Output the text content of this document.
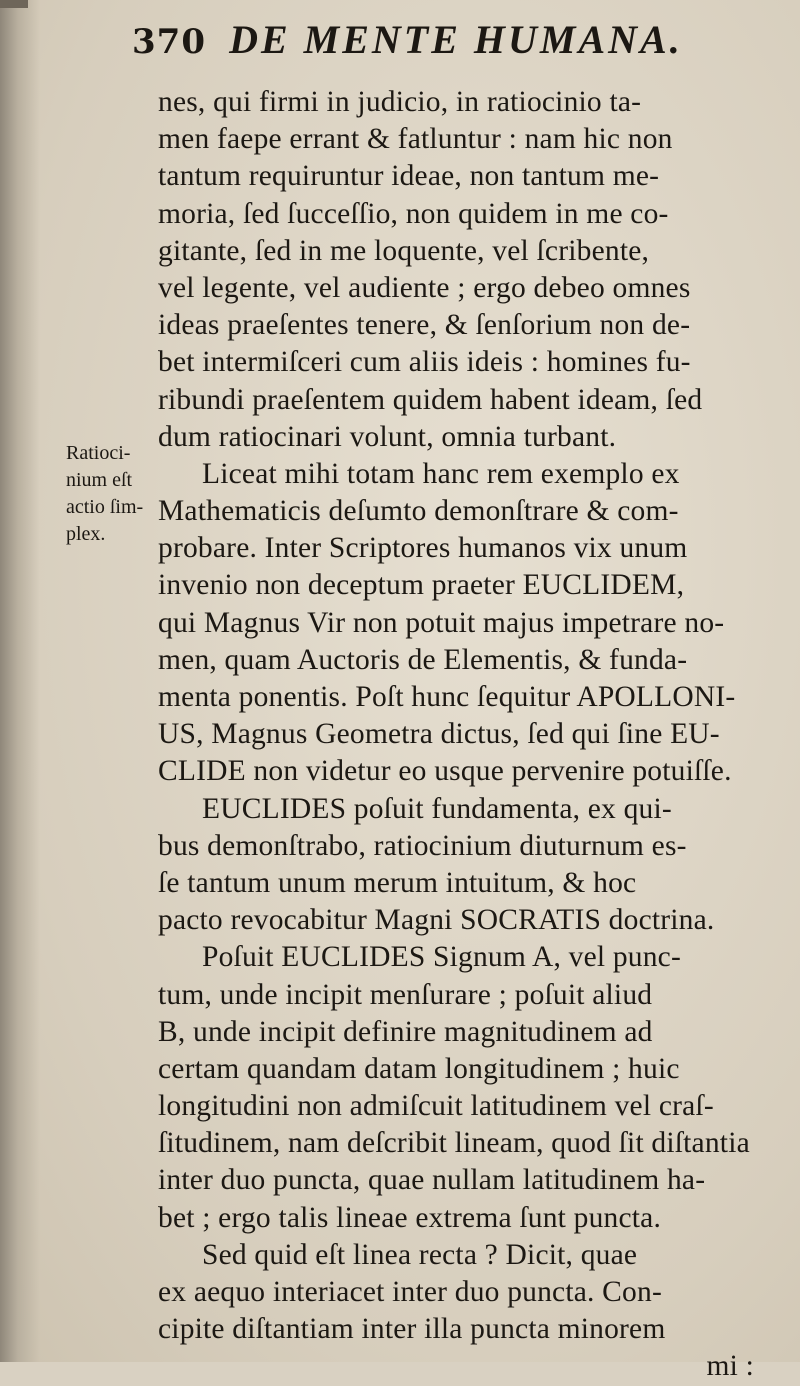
370 DE MENTE HUMANA.
Ratioci-
nium eſt
actio ſim-
plex.
nes, qui firmi in judicio, in ratiocinio ta-
men faepe errant & fatluntur : nam hic non
tantum requiruntur ideae, non tantum me-
moria, ſed ſucceſſio, non quidem in me co-
gitante, ſed in me loquente, vel ſcribente,
vel legente, vel audiente ; ergo debeo omnes
ideas praeſentes tenere, & ſenſorium non de-
bet intermiſceri cum aliis ideis : homines fu-
ribundi praeſentem quidem habent ideam, ſed
dum ratiocinari volunt, omnia turbant.
Liceat mihi totam hanc rem exemplo ex
Mathematicis deſumto demonſtrare & com-
probare. Inter Scriptores humanos vix unum
invenio non deceptum praeter EUCLIDEM,
qui Magnus Vir non potuit majus impetrare no-
men, quam Auctoris de Elementis, & funda-
menta ponentis. Poſt hunc ſequitur APOLLONI-
US, Magnus Geometra dictus, ſed qui ſine EU-
CLIDE non videtur eo usque pervenire potuiſſe.
EUCLIDES poſuit fundamenta, ex qui-
bus demonſtrabo, ratiocinium diuturnum es-
ſe tantum unum merum intuitum, & hoc
pacto revocabitur Magni SOCRATIS doctrina.
Poſuit EUCLIDES Signum A, vel punc-
tum, unde incipit menſurare ; poſuit aliud
B, unde incipit definire magnitudinem ad
certam quandam datam longitudinem ; huic
longitudini non admiſcuit latitudinem vel craſ-
ſitudinem, nam deſcribit lineam, quod ſit diſtantia
inter duo puncta, quae nullam latitudinem ha-
bet ; ergo talis lineae extrema ſunt puncta.
Sed quid eſt linea recta ? Dicit, quae
ex aequo interiacet inter duo puncta. Con-
cipite diſtantiam inter illa puncta minorem
mi :
